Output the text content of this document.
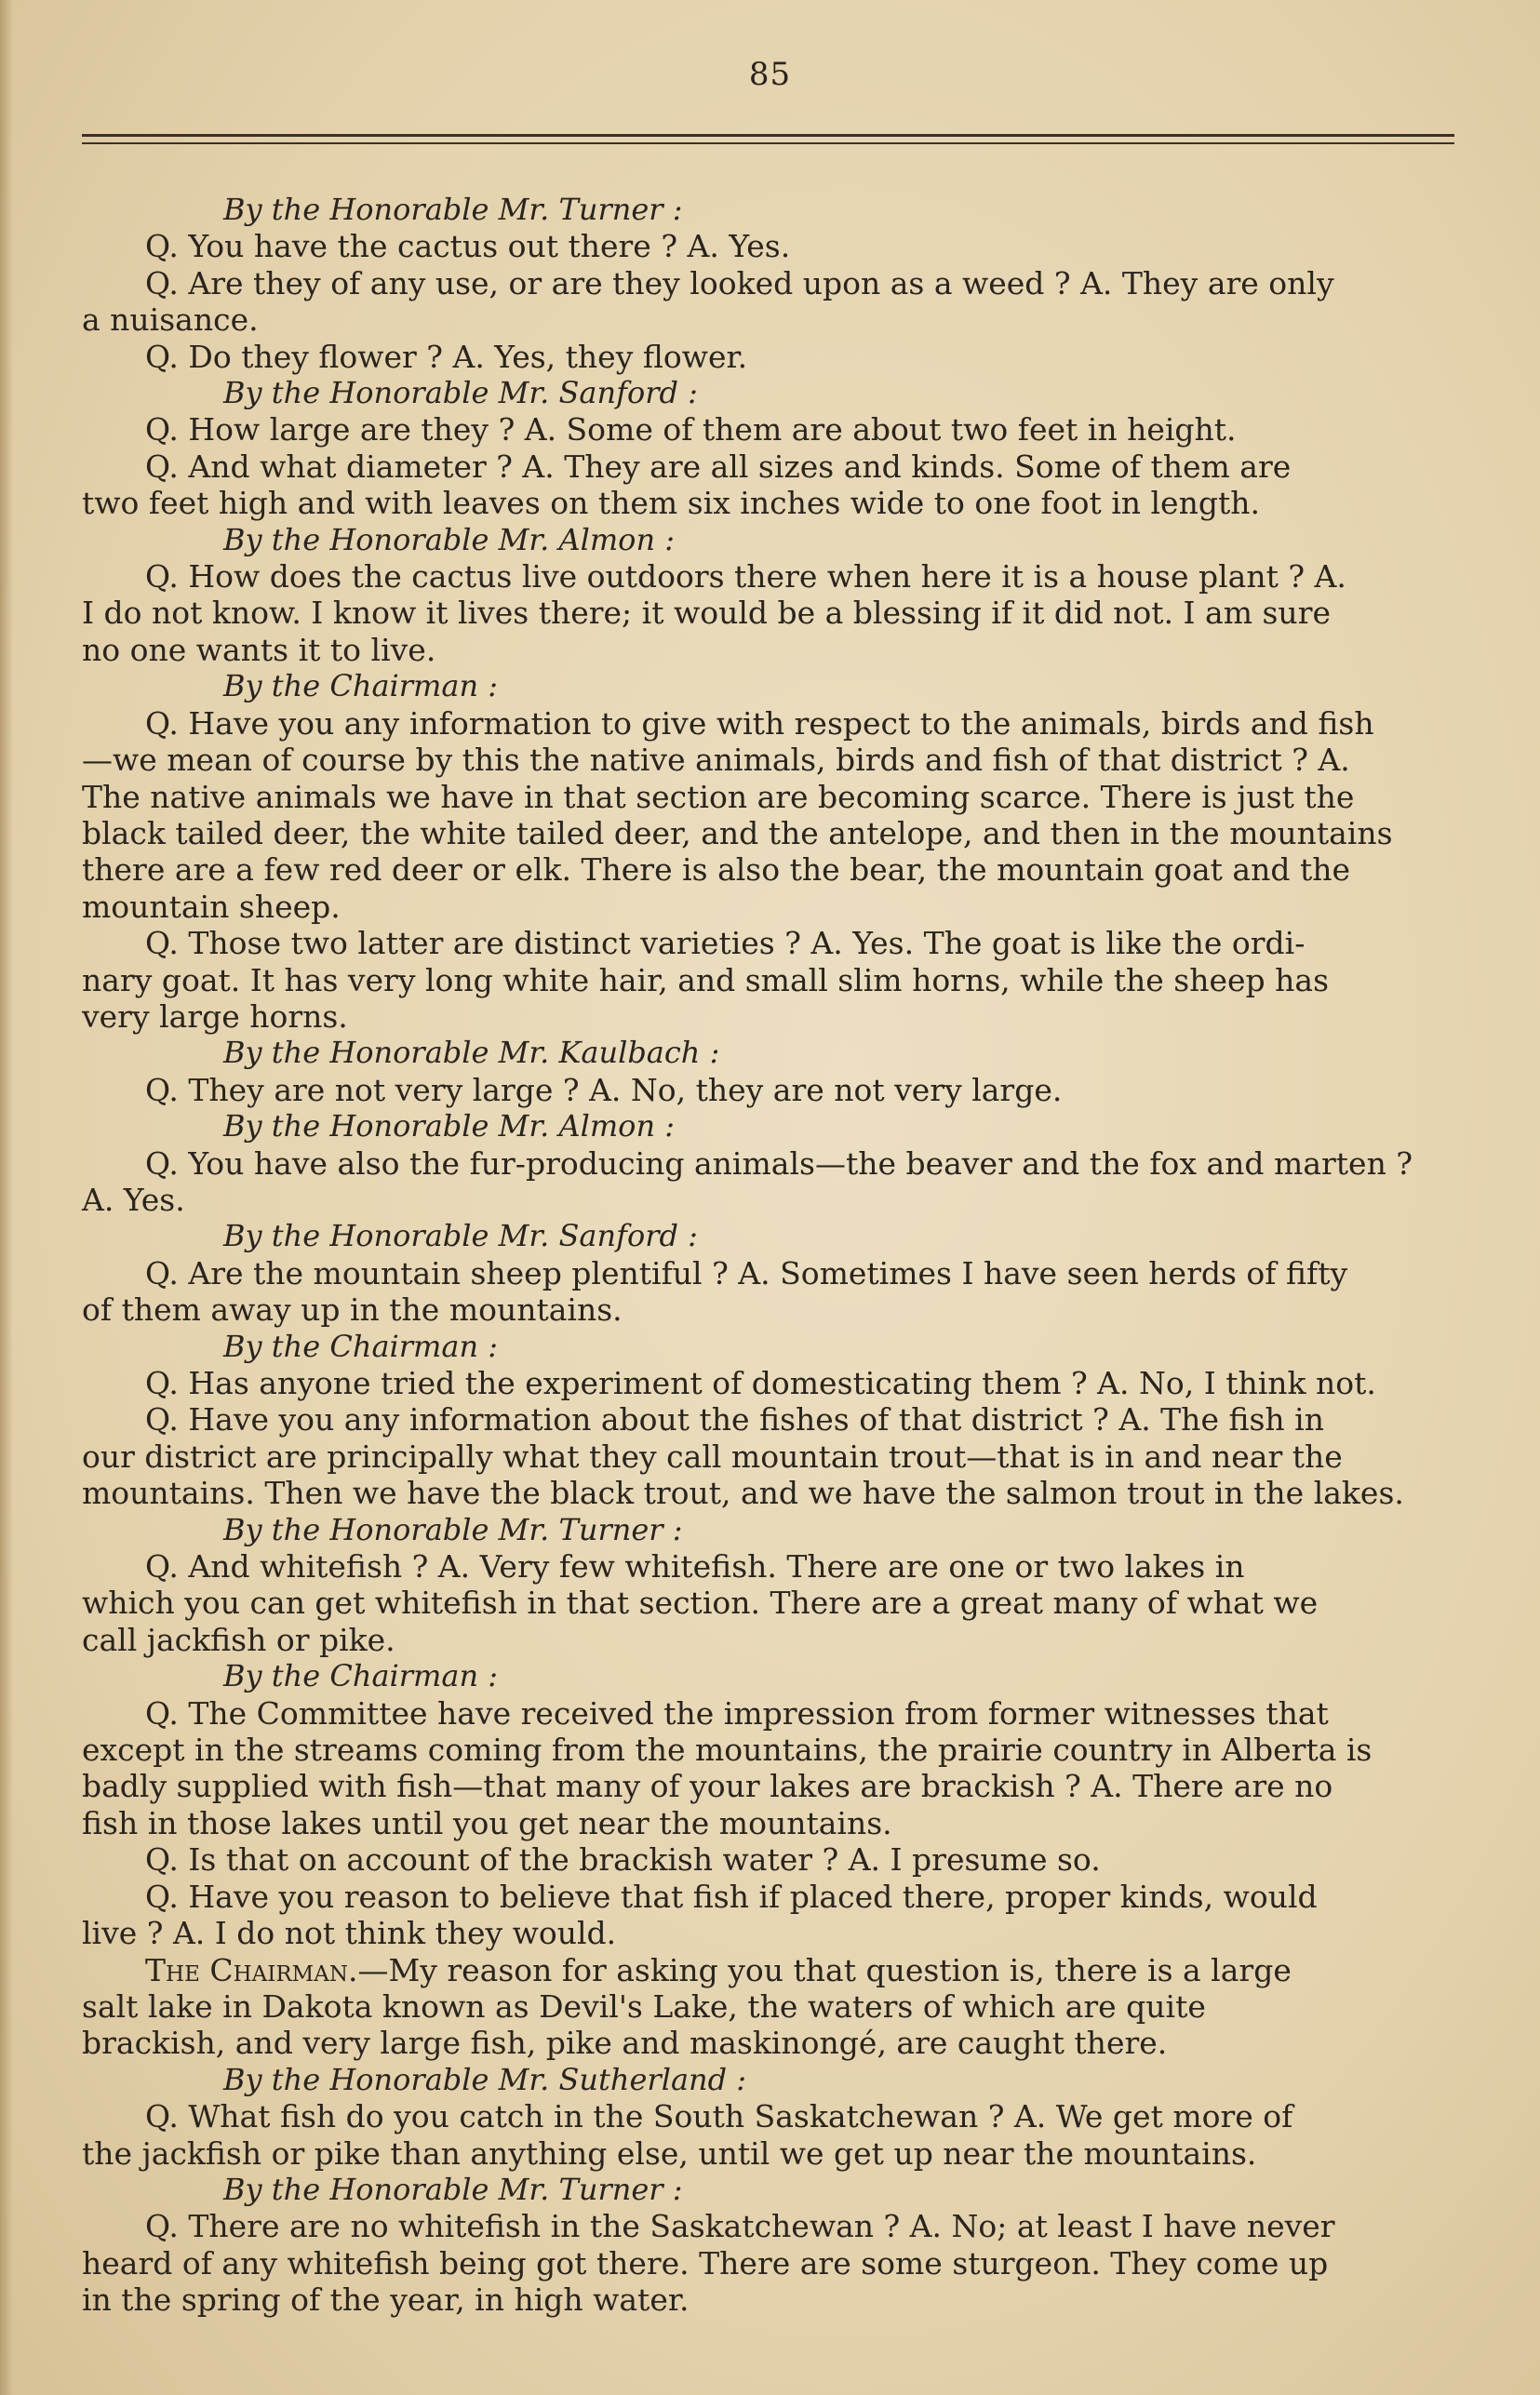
85
By the Honorable Mr. Turner :
Q. You have the cactus out there ? A. Yes.
Q. Are they of any use, or are they looked upon as a weed ? A. They are only
a nuisance.
Q. Do they flower ? A. Yes, they flower.
By the Honorable Mr. Sanford :
Q. How large are they ? A. Some of them are about two feet in height.
Q. And what diameter ? A. They are all sizes and kinds. Some of them are
two feet high and with leaves on them six inches wide to one foot in length.
By the Honorable Mr. Almon :
Q. How does the cactus live outdoors there when here it is a house plant ? A.
I do not know. I know it lives there; it would be a blessing if it did not. I am sure
no one wants it to live.
By the Chairman :
Q. Have you any information to give with respect to the animals, birds and fish
—we mean of course by this the native animals, birds and fish of that district ? A.
The native animals we have in that section are becoming scarce. There is just the
black tailed deer, the white tailed deer, and the antelope, and then in the mountains
there are a few red deer or elk. There is also the bear, the mountain goat and the
mountain sheep.
Q. Those two latter are distinct varieties ? A. Yes. The goat is like the ordi-
nary goat. It has very long white hair, and small slim horns, while the sheep has
very large horns.
By the Honorable Mr. Kaulbach :
Q. They are not very large ? A. No, they are not very large.
By the Honorable Mr. Almon :
Q. You have also the fur-producing animals—the beaver and the fox and marten ?
A. Yes.
By the Honorable Mr. Sanford :
Q. Are the mountain sheep plentiful ? A. Sometimes I have seen herds of fifty
of them away up in the mountains.
By the Chairman :
Q. Has anyone tried the experiment of domesticating them ? A. No, I think not.
Q. Have you any information about the fishes of that district ? A. The fish in
our district are principally what they call mountain trout—that is in and near the
mountains. Then we have the black trout, and we have the salmon trout in the lakes.
By the Honorable Mr. Turner :
Q. And whitefish ? A. Very few whitefish. There are one or two lakes in
which you can get whitefish in that section. There are a great many of what we
call jackfish or pike.
By the Chairman :
Q. The Committee have received the impression from former witnesses that
except in the streams coming from the mountains, the prairie country in Alberta is
badly supplied with fish—that many of your lakes are brackish ? A. There are no
fish in those lakes until you get near the mountains.
Q. Is that on account of the brackish water ? A. I presume so.
Q. Have you reason to believe that fish if placed there, proper kinds, would
live ? A. I do not think they would.
The Chairman.—My reason for asking you that question is, there is a large
salt lake in Dakota known as Devil's Lake, the waters of which are quite
brackish, and very large fish, pike and maskinongé, are caught there.
By the Honorable Mr. Sutherland :
Q. What fish do you catch in the South Saskatchewan ? A. We get more of
the jackfish or pike than anything else, until we get up near the mountains.
By the Honorable Mr. Turner :
Q. There are no whitefish in the Saskatchewan ? A. No; at least I have never
heard of any whitefish being got there. There are some sturgeon. They come up
in the spring of the year, in high water.
